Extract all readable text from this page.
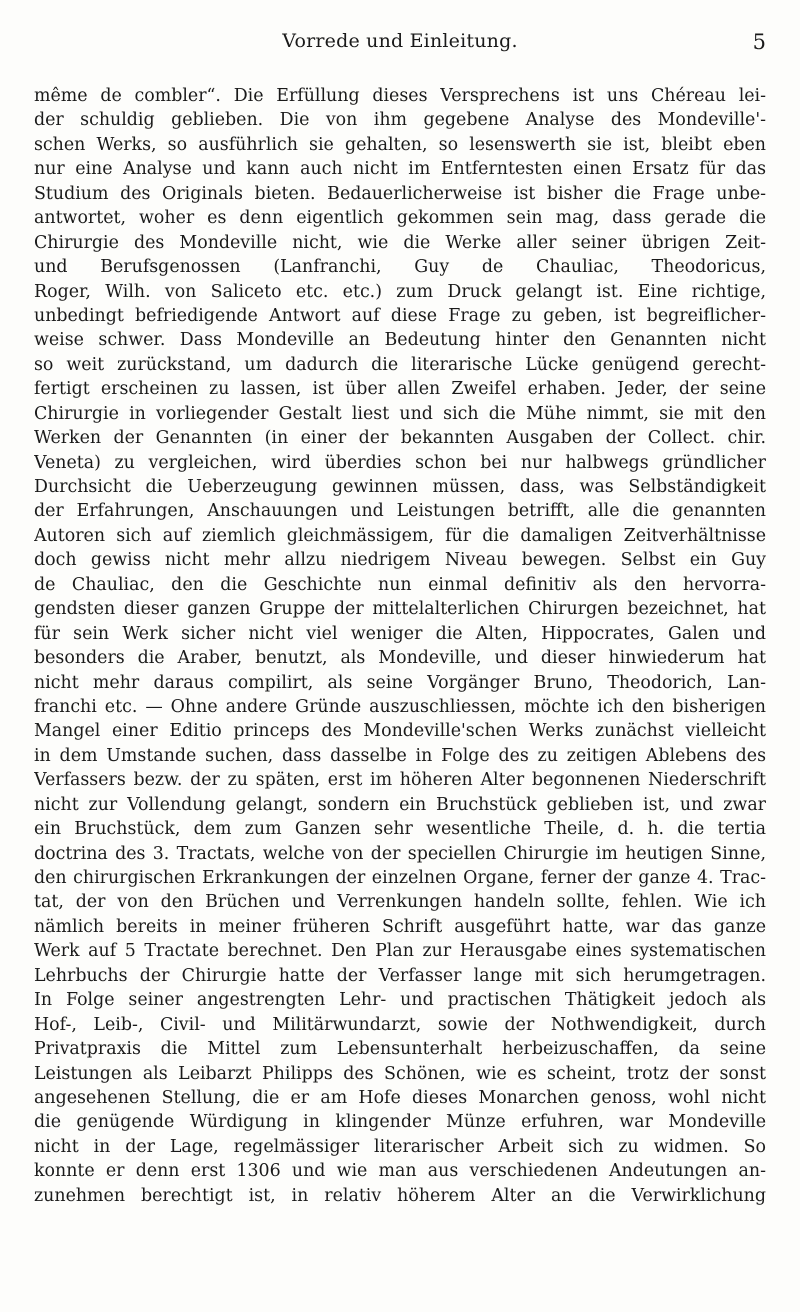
Vorrede und Einleitung.	5
même de combler“. Die Erfüllung dieses Versprechens ist uns Chéreau lei-
der schuldig geblieben. Die von ihm gegebene Analyse des Mondeville'-
schen Werks, so ausführlich sie gehalten, so lesenswerth sie ist, bleibt eben
nur eine Analyse und kann auch nicht im Entferntesten einen Ersatz für das
Studium des Originals bieten. Bedauerlicherweise ist bisher die Frage unbe-
antwortet, woher es denn eigentlich gekommen sein mag, dass gerade die
Chirurgie des Mondeville nicht, wie die Werke aller seiner übrigen Zeit-
und Berufsgenossen (Lanfranchi, Guy de Chauliac, Theodoricus,
Roger, Wilh. von Saliceto etc. etc.) zum Druck gelangt ist. Eine richtige,
unbedingt befriedigende Antwort auf diese Frage zu geben, ist begreiflicher-
weise schwer. Dass Mondeville an Bedeutung hinter den Genannten nicht
so weit zurückstand, um dadurch die literarische Lücke genügend gerecht-
fertigt erscheinen zu lassen, ist über allen Zweifel erhaben. Jeder, der seine
Chirurgie in vorliegender Gestalt liest und sich die Mühe nimmt, sie mit den
Werken der Genannten (in einer der bekannten Ausgaben der Collect. chir.
Veneta) zu vergleichen, wird überdies schon bei nur halbwegs gründlicher
Durchsicht die Ueberzeugung gewinnen müssen, dass, was Selbständigkeit
der Erfahrungen, Anschauungen und Leistungen betrifft, alle die genannten
Autoren sich auf ziemlich gleichmässigem, für die damaligen Zeitverhältnisse
doch gewiss nicht mehr allzu niedrigem Niveau bewegen. Selbst ein Guy
de Chauliac, den die Geschichte nun einmal definitiv als den hervorra-
gendsten dieser ganzen Gruppe der mittelalterlichen Chirurgen bezeichnet, hat
für sein Werk sicher nicht viel weniger die Alten, Hippocrates, Galen und
besonders die Araber, benutzt, als Mondeville, und dieser hinwiederum hat
nicht mehr daraus compilirt, als seine Vorgänger Bruno, Theodorich, Lan-
franchi etc. — Ohne andere Gründe auszuschliessen, möchte ich den bisherigen
Mangel einer Editio princeps des Mondeville'schen Werks zunächst vielleicht
in dem Umstande suchen, dass dasselbe in Folge des zu zeitigen Ablebens des
Verfassers bezw. der zu späten, erst im höheren Alter begonnenen Niederschrift
nicht zur Vollendung gelangt, sondern ein Bruchstück geblieben ist, und zwar
ein Bruchstück, dem zum Ganzen sehr wesentliche Theile, d. h. die tertia
doctrina des 3. Tractats, welche von der speciellen Chirurgie im heutigen Sinne,
den chirurgischen Erkrankungen der einzelnen Organe, ferner der ganze 4. Trac-
tat, der von den Brüchen und Verrenkungen handeln sollte, fehlen. Wie ich
nämlich bereits in meiner früheren Schrift ausgeführt hatte, war das ganze
Werk auf 5 Tractate berechnet. Den Plan zur Herausgabe eines systematischen
Lehrbuchs der Chirurgie hatte der Verfasser lange mit sich herumgetragen.
In Folge seiner angestrengten Lehr- und practischen Thätigkeit jedoch als
Hof-, Leib-, Civil- und Militärwundarzt, sowie der Nothwendigkeit, durch
Privatpraxis die Mittel zum Lebensunterhalt herbeizuschaffen, da seine
Leistungen als Leibarzt Philipps des Schönen, wie es scheint, trotz der sonst
angesehenen Stellung, die er am Hofe dieses Monarchen genoss, wohl nicht
die genügende Würdigung in klingender Münze erfuhren, war Mondeville
nicht in der Lage, regelmässiger literarischer Arbeit sich zu widmen. So
konnte er denn erst 1306 und wie man aus verschiedenen Andeutungen an-
zunehmen berechtigt ist, in relativ höherem Alter an die Verwirklichung
